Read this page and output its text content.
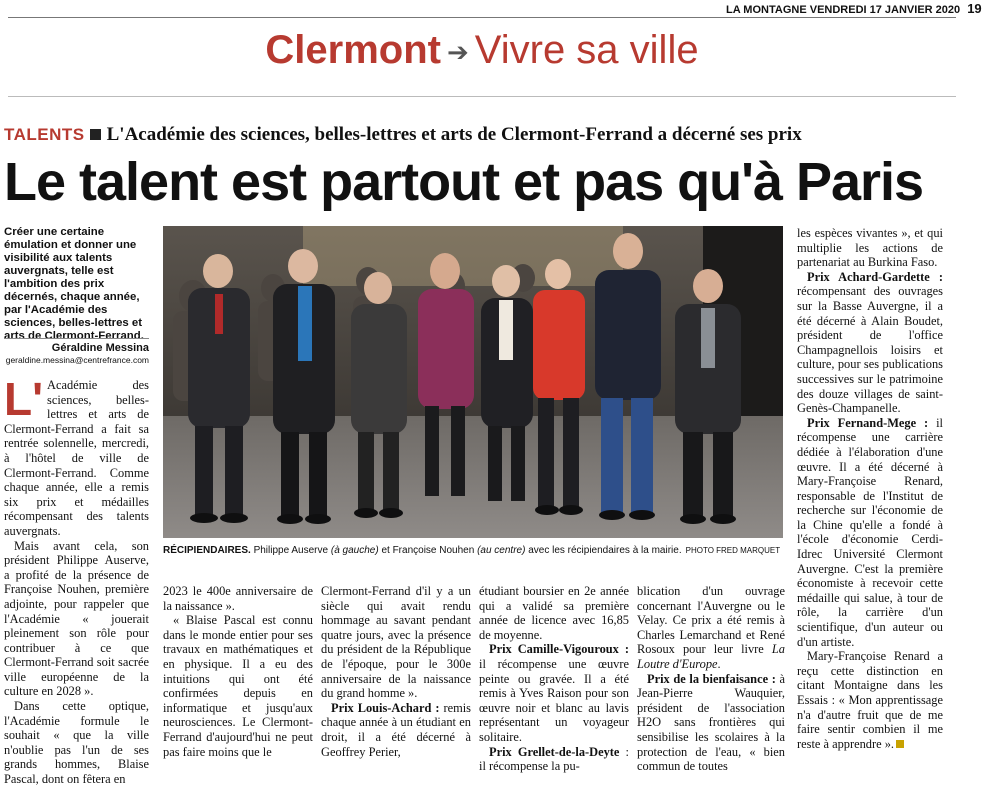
LA MONTAGNE VENDREDI 17 JANVIER 2020 19
Clermont ➔ Vivre sa ville
TALENTS L'Académie des sciences, belles-lettres et arts de Clermont-Ferrand a décerné ses prix
Le talent est partout et pas qu'à Paris
Créer une certaine émulation et donner une visibilité aux talents auvergnats, telle est l'ambition des prix décernés, chaque année, par l'Académie des sciences, belles-lettres et arts de Clermont-Ferrand.
Géraldine Messina
geraldine.messina@centrefrance.com

L' Académie des sciences, belles-lettres et arts de Clermont-Ferrand a fait sa rentrée solennelle, mercredi, à l'hôtel de ville de Clermont-Ferrand. Comme chaque année, elle a remis six prix et médailles récompensant des talents auvergnats.

Mais avant cela, son président Philippe Auserve, a profité de la présence de Françoise Nouhen, première adjointe, pour rappeler que l'Académie « jouerait pleinement son rôle pour contribuer à ce que Clermont-Ferrand soit sacrée ville européenne de la culture en 2028 ».

Dans cette optique, l'Académie formule le souhait « que la ville n'oublie pas l'un de ses grands hommes, Blaise Pascal, dont on fêtera en

RÉCIPIENDAIRES. Philippe Auserve (à gauche) et Françoise Nouhen (au centre) avec les récipiendaires à la mairie. PHOTO FRED MARQUET

2023 le 400e anniversaire de la naissance ».

« Blaise Pascal est connu dans le monde entier pour ses travaux en mathématiques et en physique. Il a eu des intuitions qui ont été confirmées depuis en informatique et jusqu'aux neurosciences. Le Clermont-Ferrand d'aujourd'hui ne peut pas faire moins que le

Clermont-Ferrand d'il y a un siècle qui avait rendu hommage au savant pendant quatre jours, avec la présence du président de la République de l'époque, pour le 300e anniversaire de la naissance du grand homme ».

Prix Louis-Achard : remis chaque année à un étudiant en droit, il a été décerné à Geoffrey Perier,

étudiant boursier en 2e année qui a validé sa première année de licence avec 16,85 de moyenne.

Prix Camille-Vigouroux : il récompense une œuvre peinte ou gravée. Il a été remis à Yves Raison pour son œuvre noir et blanc au lavis représentant un voyageur solitaire.

Prix Grellet-de-la-Deyte : il récompense la pu-

blication d'un ouvrage concernant l'Auvergne ou le Velay. Ce prix a été remis à Charles Lemarchand et René Rosoux pour leur livre La Loutre d'Europe.

Prix de la bienfaisance : à Jean-Pierre Wauquier, président de l'association H2O sans frontières qui sensibilise les scolaires à la protection de l'eau, « bien commun de toutes

les espèces vivantes », et qui multiplie les actions de partenariat au Burkina Faso.

Prix Achard-Gardette : récompensant des ouvrages sur la Basse Auvergne, il a été décerné à Alain Boudet, président de l'office Champagnellois loisirs et culture, pour ses publications successives sur le patrimoine des douze villages de saint-Genès-Champanelle.

Prix Fernand-Mege : il récompense une carrière dédiée à l'élaboration d'une œuvre. Il a été décerné à Mary-Françoise Renard, responsable de l'Institut de recherche sur l'économie de la Chine qu'elle a fondé à l'école d'économie Cerdi-Idrec Université Clermont Auvergne. C'est la première économiste à recevoir cette médaille qui salue, à tour de rôle, la carrière d'un scientifique, d'un auteur ou d'un artiste.

Mary-Françoise Renard a reçu cette distinction en citant Montaigne dans les Essais : « Mon apprentissage n'a d'autre fruit que de me faire sentir combien il me reste à apprendre ».
